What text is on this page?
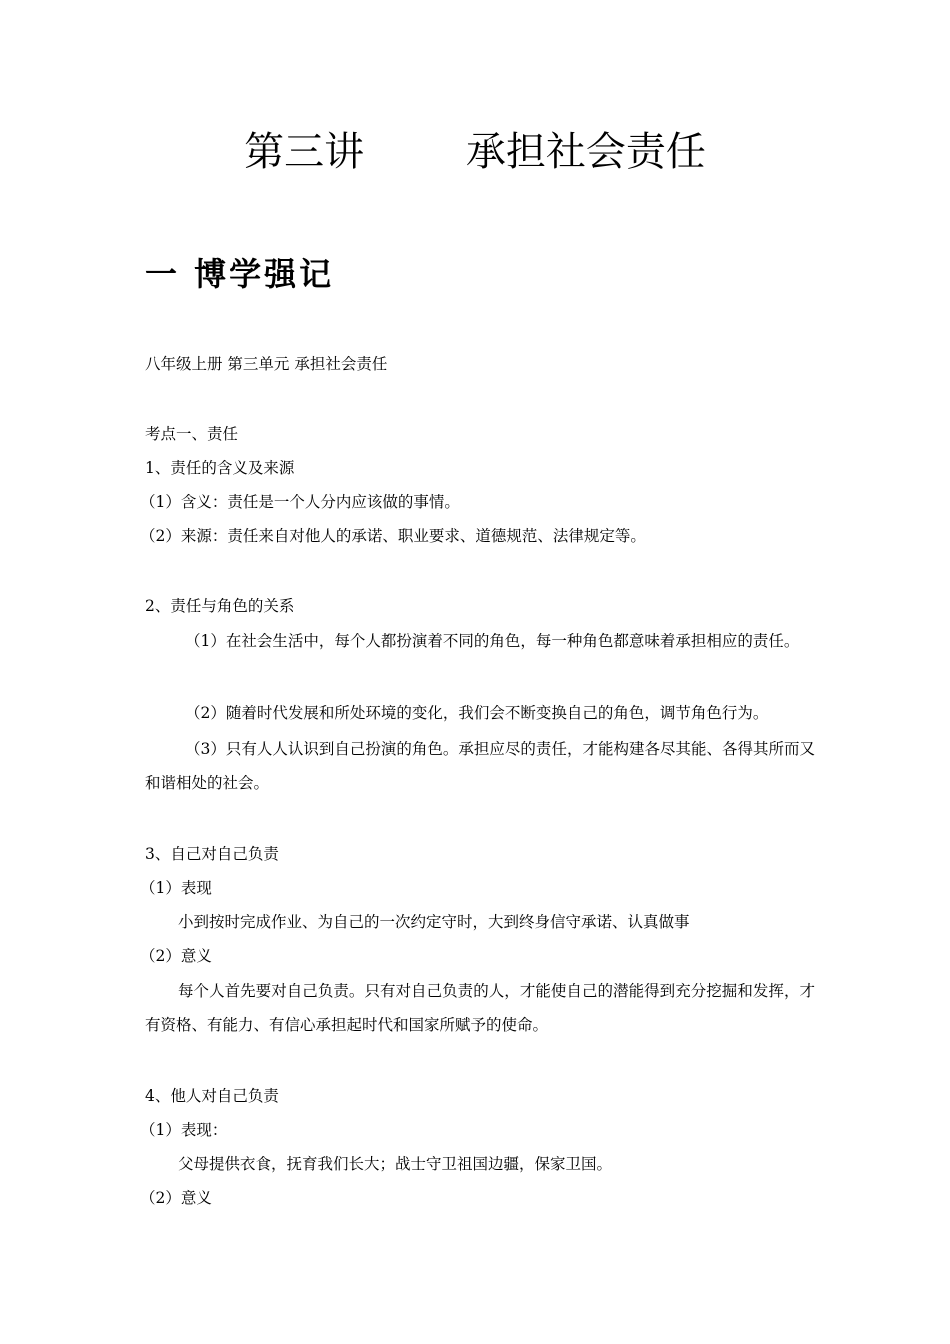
第三讲        承担社会责任
一 博学强记
八年级上册 第三单元 承担社会责任
考点一、责任
1、责任的含义及来源
（1）含义：责任是一个人分内应该做的事情。
（2）来源：责任来自对他人的承诺、职业要求、道德规范、法律规定等。
2、责任与角色的关系
（1）在社会生活中，每个人都扮演着不同的角色，每一种角色都意味着承担相应的责任。
（2）随着时代发展和所处环境的变化，我们会不断变换自己的角色，调节角色行为。
（3）只有人人认识到自己扮演的角色。承担应尽的责任，才能构建各尽其能、各得其所而又和谐相处的社会。
3、自己对自己负责
（1）表现
小到按时完成作业、为自己的一次约定守时，大到终身信守承诺、认真做事
（2）意义
每个人首先要对自己负责。只有对自己负责的人，才能使自己的潜能得到充分挖掘和发挥，才有资格、有能力、有信心承担起时代和国家所赋予的使命。
4、他人对自己负责
（1）表现：
父母提供衣食，抚育我们长大；战士守卫祖国边疆，保家卫国。
（2）意义
